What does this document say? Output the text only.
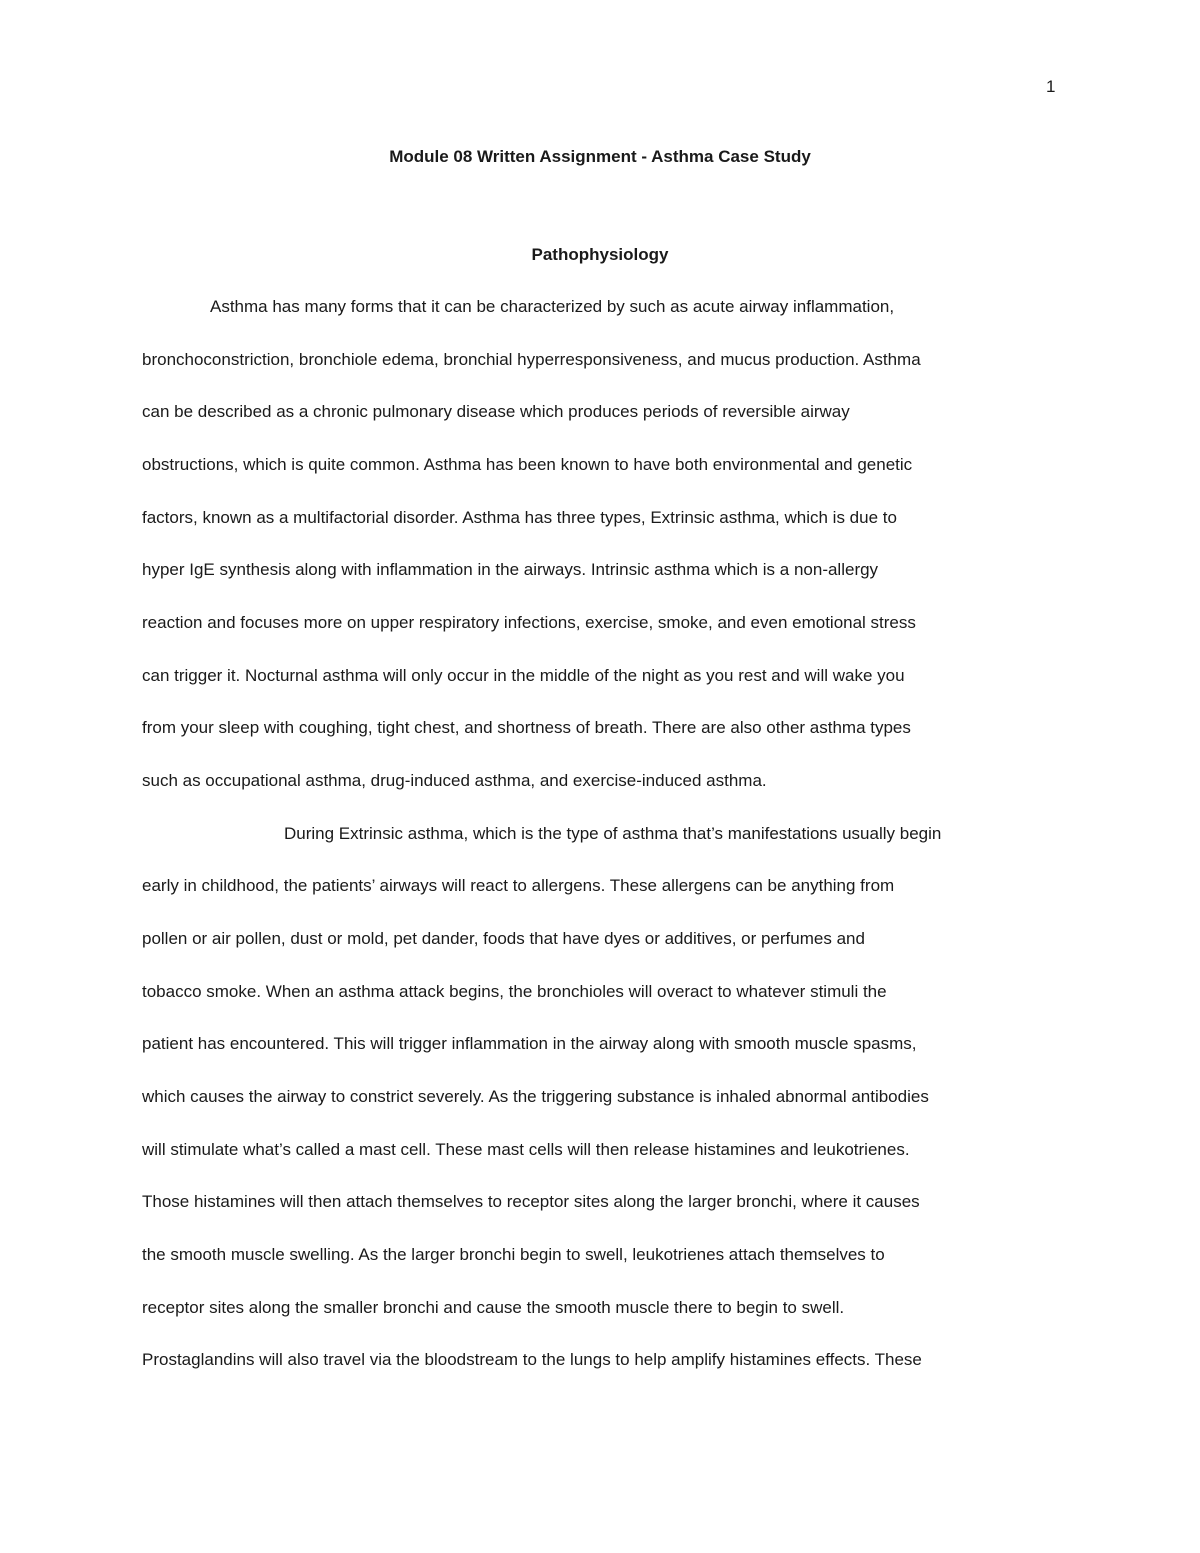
1
Module 08 Written Assignment - Asthma Case Study
Pathophysiology
Asthma has many forms that it can be characterized by such as acute airway inflammation,
bronchoconstriction, bronchiole edema, bronchial hyperresponsiveness, and mucus production. Asthma
can be described as a chronic pulmonary disease which produces periods of reversible airway
obstructions, which is quite common. Asthma has been known to have both environmental and genetic
factors, known as a multifactorial disorder. Asthma has three types, Extrinsic asthma, which is due to
hyper IgE synthesis along with inflammation in the airways. Intrinsic asthma which is a non-allergy
reaction and focuses more on upper respiratory infections, exercise, smoke, and even emotional stress
can trigger it. Nocturnal asthma will only occur in the middle of the night as you rest and will wake you
from your sleep with coughing, tight chest, and shortness of breath. There are also other asthma types
such as occupational asthma, drug-induced asthma, and exercise-induced asthma.
During Extrinsic asthma, which is the type of asthma that’s manifestations usually begin
early in childhood, the patients’ airways will react to allergens. These allergens can be anything from
pollen or air pollen, dust or mold, pet dander, foods that have dyes or additives, or perfumes and
tobacco smoke. When an asthma attack begins, the bronchioles will overact to whatever stimuli the
patient has encountered. This will trigger inflammation in the airway along with smooth muscle spasms,
which causes the airway to constrict severely. As the triggering substance is inhaled abnormal antibodies
will stimulate what’s called a mast cell. These mast cells will then release histamines and leukotrienes.
Those histamines will then attach themselves to receptor sites along the larger bronchi, where it causes
the smooth muscle swelling. As the larger bronchi begin to swell, leukotrienes attach themselves to
receptor sites along the smaller bronchi and cause the smooth muscle there to begin to swell.
Prostaglandins will also travel via the bloodstream to the lungs to help amplify histamines effects. These
